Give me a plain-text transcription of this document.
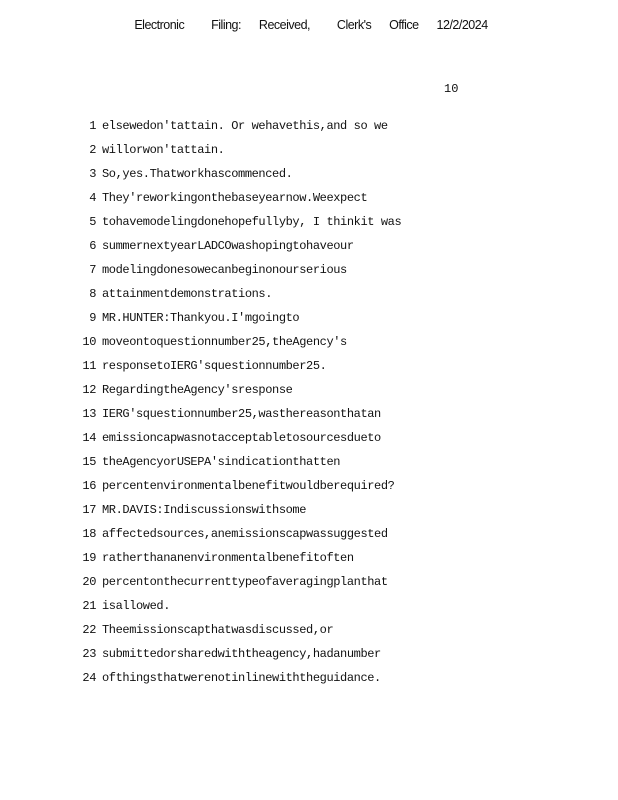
Electronic   Filing:  Received,   Clerk's  Office  12/2/2024
10
1 elsewedon'tattain. Or wehavethis,and so we
2 willorwon'tattain.
3 So,yes.Thatworkhascommenced.
4 They'reworkingonthebaseyearnow.Weexpect
5 tohavemodelingdonehopefullyby, I thinkit was
6 summernextyearLADCOwashopingtohaveour
7 modelingdonesowecanbeginonourserious
8 attainmentdemonstrations.
9 MR.HUNTER:Thankyou.I'mgoingto
10 moveontoquestionnumber25,theAgency's
11 responsetoIERG'squestionnumber25.
12 RegardingtheAgency'sresponse
13 IERG'squestionnumber25,wasthereasonthatan
14 emissioncapwasnotacceptabletosourcesdueto
15 theAgencyorUSEPA'sindicationthatten
16 percentenvironmentalbenefitwouldberequired?
17 MR.DAVIS:Indiscussionswithsome
18 affectedsources,anemissionscapwassuggested
19 ratherthananenvironmentalbenefitoften
20 percentonthecurrenttypeofaveragingplanthat
21 isallowed.
22 Theemissionscapthatwasdiscussed,or
23 submittedorsharedwiththeagency,hadanumber
24 ofthingsthatwerenotinlinewiththeguidance.
